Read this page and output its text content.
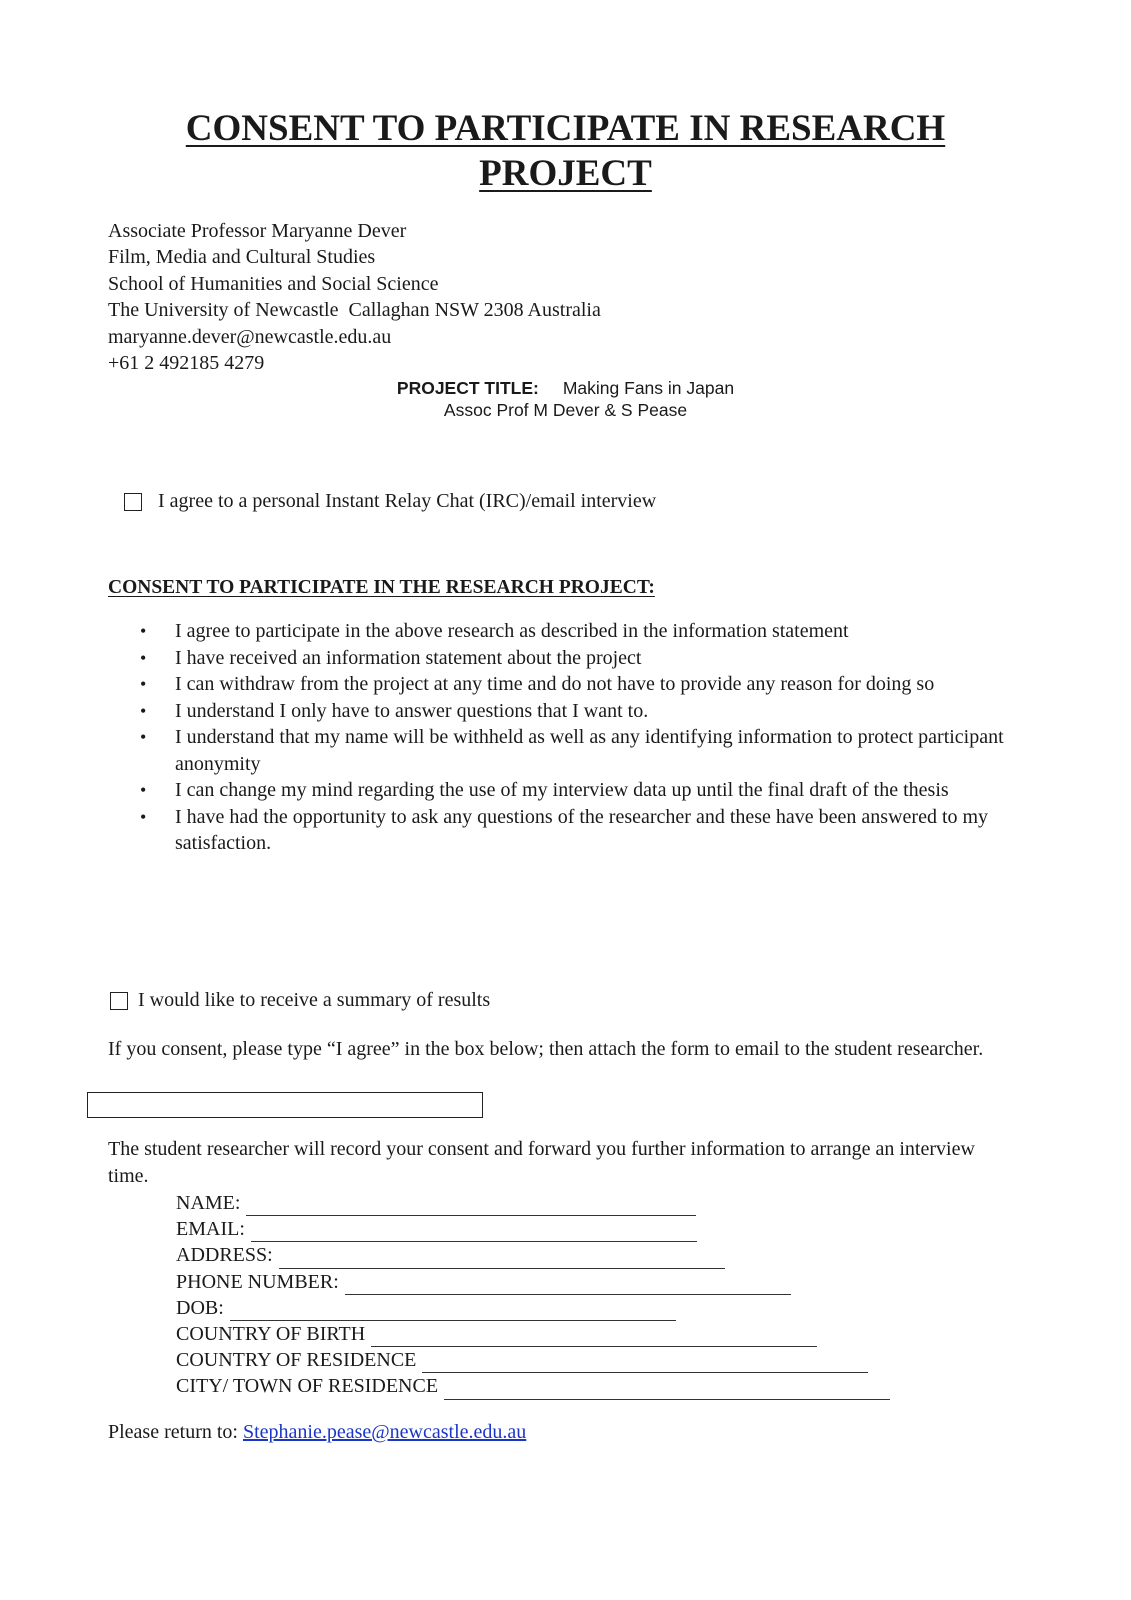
CONSENT TO PARTICIPATE IN RESEARCH
PROJECT
Associate Professor Maryanne Dever
Film, Media and Cultural Studies
School of Humanities and Social Science
The University of Newcastle  Callaghan NSW 2308 Australia
maryanne.dever@newcastle.edu.au
+61 2 492185 4279
PROJECT TITLE: Making Fans in Japan
Assoc Prof M Dever & S Pease
I agree to a personal Instant Relay Chat (IRC)/email interview
CONSENT TO PARTICIPATE IN THE RESEARCH PROJECT:
• I agree to participate in the above research as described in the information statement
• I have received an information statement about the project
• I can withdraw from the project at any time and do not have to provide any reason for doing so
• I understand I only have to answer questions that I want to.
• I understand that my name will be withheld as well as any identifying information to protect participant anonymity
• I can change my mind regarding the use of my interview data up until the final draft of the thesis
• I have had the opportunity to ask any questions of the researcher and these have been answered to my satisfaction.
I would like to receive a summary of results
If you consent, please type “I agree” in the box below; then attach the form to email to the student researcher.
The student researcher will record your consent and forward you further information to arrange an interview time.
NAME:
EMAIL:
ADDRESS:
PHONE NUMBER:
DOB:
COUNTRY OF BIRTH
COUNTRY OF RESIDENCE
CITY/ TOWN OF RESIDENCE
Please return to: Stephanie.pease@newcastle.edu.au
